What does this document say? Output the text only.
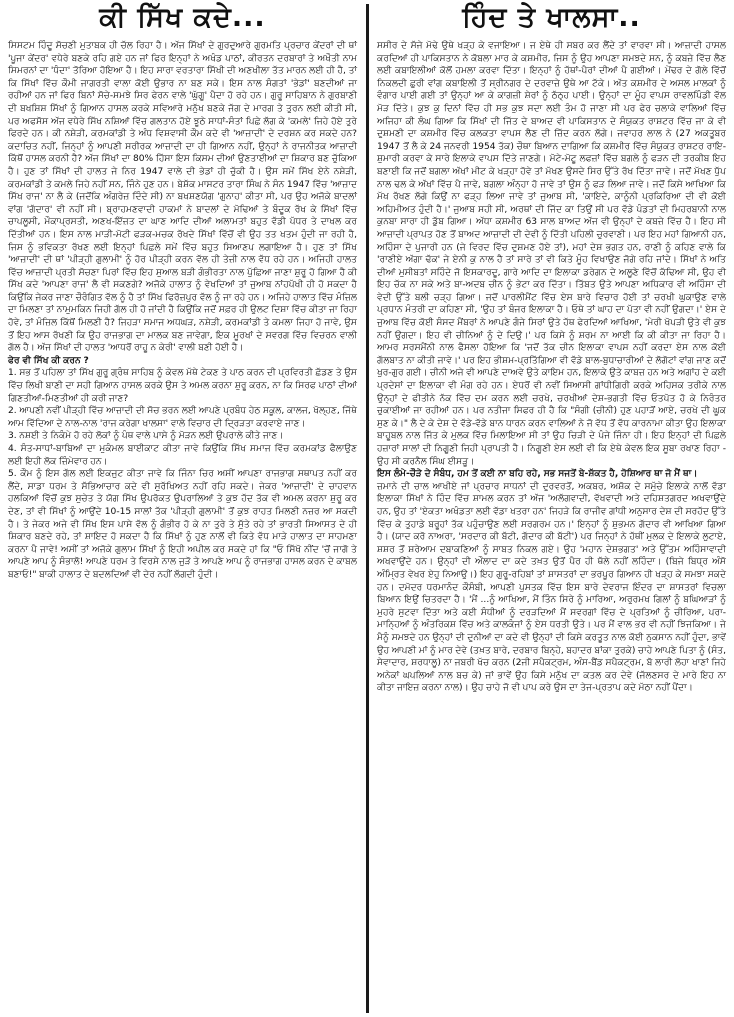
ਕੀ ਸਿੱਖ ਕਦੇ...

ਸਿਸਟਮ ਹਿੰਦੂ ਸੋਚਣੀ ਮੁਤਾਬਕ ਹੀ ਚੱਲ ਰਿਹਾ ਹੈ। ਅੱਜ ਸਿੱਖਾਂ ਦੇ ਗੁਰਦੁਆਰੇ ਗੁਰਮਤਿ ਪ੍ਰਚਾਰ ਕੇਂਦਰਾਂ ਦੀ ਥਾਂ 'ਪੂਜਾ ਕੇਂਦਰ' ਵਧੇਰੇ ਬਣਕੇ ਰਹਿ ਗਏ ਹਨ ਜਾਂ ਫਿਰ ਇਨ੍ਹਾਂ ਨੇ ਅਖੰਡ ਪਾਠਾਂ, ਕੀਰਤਨ ਦਰਬਾਰਾਂ ਤੇ ਅਖੌਤੀ ਨਾਮ ਸਿਮਰਨਾਂ ਦਾ 'ਧੰਦਾ' ਤੋਰਿਆ ਹੋਇਆ ਹੈ। ਇਹ ਸਾਰਾ ਵਰਤਾਰਾ ਸਿੱਖੀ ਦੀ ਅਣਖੀਲਾ ਤੱਤ ਮਾਰਨ ਲਈ ਹੀ ਹੈ, ਤਾਂ ਕਿ ਸਿੱਖਾਂ ਵਿੱਚ ਕੌਮੀ ਜਾਗਰਤੀ ਵਾਲਾ ਕੋਈ ਉਭਾਰ ਨਾ ਬਣ ਸਕੇ। ਇਸ ਨਾਲ ਸੰਗਤਾਂ 'ਭੇਡਾਂ' ਬਣਦੀਆਂ ਜਾ ਰਹੀਆਂ ਹਨ ਜਾਂ ਫਿਰ ਬਿਨਾਂ ਸੋਚੇ-ਸਮਝੇ ਸਿਰ ਫੇਰਨ ਵਾਲੇ 'ਘੁੱਗੂ' ਪੈਦਾ ਹੋ ਰਹੇ ਹਨ। ਗੁਰੂ ਸਾਹਿਬਾਨ ਨੇ ਗੁਰਬਾਣੀ ਦੀ ਬਖਸ਼ਿਸ਼ ਸਿੱਖਾਂ ਨੂੰ ਗਿਆਨ ਹਾਸਲ ਕਰਕੇ ਸਵਿਆਰੇ ਮਨੁੱਖ ਬਣਕੇ ਜੱਗ ਦੇ ਮਾਰਗ ਤੇ ਤੁਰਨ ਲਈ ਕੀਤੀ ਸੀ, ਪਰ ਅਫਸੋਸ ਅੱਜ ਵਧੇਰੇ ਸਿੱਖ ਨਸ਼ਿਆਂ ਵਿੱਚ ਗਲਤਾਨ ਹੋਏ ਝੂਠੇ ਸਾਧਾਂ-ਸੰਤਾਂ ਪਿਛੇ ਲੱਗ ਕੇ 'ਕਮਲੇ' ਜਿਹੇ ਹੋਏ ਤੁਰੇ ਫਿਰਦੇ ਹਨ। ਕੀ ਨਸ਼ੇੜੀ, ਕਰਮਕਾਂਡੀ ਤੇ ਅੰਧ ਵਿਸ਼ਵਾਸੀ ਕੌਮ ਕਦੇ ਵੀ 'ਆਜ਼ਾਦੀ' ਦੇ ਦਰਸ਼ਨ ਕਰ ਸਕਦੇ ਹਨ? ਕਦਾਚਿਤ ਨਹੀਂ, ਜਿਨ੍ਹਾਂ ਨੂੰ ਆਪਣੀ ਸਰੀਰਕ ਆਜ਼ਾਦੀ ਦਾ ਹੀ ਗਿਆਨ ਨਹੀਂ, ਉਨ੍ਹਾਂ ਨੇ ਰਾਜਨੀਤਕ ਆਜ਼ਾਦੀ ਕਿੱਥੋਂ ਹਾਸਲ ਕਰਨੀ ਹੈ? ਅੱਜ ਸਿੱਖਾਂ ਦਾ 80% ਹਿੱਸਾ ਇਸ ਕਿਸਮ ਦੀਆਂ ਉਣਤਾਈਆਂ ਦਾ ਸ਼ਿਕਾਰ ਬਣ ਚੁੱਕਿਆ ਹੈ। ਹੁਣ ਤਾਂ ਸਿੱਖਾਂ ਦੀ ਹਾਲਤ ਜੇ ਨਿਰ 1947 ਵਾਲੇ ਦੀ ਭੇਡਾਂ ਹੀ ਚੁੱਕੀ ਹੈ। ਉਸ ਸਮੇਂ ਸਿੱਖ ਏਨੇ ਨਸ਼ੇੜੀ, ਕਰਮਕਾਂਡੀ ਤੇ ਕਮਲੇ ਜਿਹੇ ਨਹੀਂ ਸਨ, ਜਿੰਨੇ ਹੁਣ ਹਨ। ਬੇਸ਼ੱਕ ਮਾਸਟਰ ਤਾਰਾ ਸਿੰਘ ਨੇ ਸੰਨ 1947 ਵਿੱਚ 'ਆਜ਼ਾਦ ਸਿੱਖ ਰਾਜ' ਨਾ ਲੈ ਕੇ (ਜਦੋਂਕਿ ਅੰਗਰੇਜ਼ ਦਿੰਦੇ ਸੀ) ਨਾ ਬਖਸ਼ਣਯੋਗ 'ਗੁਨਾਹ' ਕੀਤਾ ਸੀ, ਪਰ ਉਹ ਅਜੋਕੇ ਬਾਦਲਾਂ ਵਾਂਗ 'ਗੱਦਾਰ' ਵੀ ਨਹੀਂ ਸੀ। ਬ੍ਰਾਹਮਣਵਾਦੀ ਹਾਕਮਾਂ ਨੇ ਬਾਦਲਾਂ ਦੇ ਮੋਢਿਆਂ ਤੇ ਬੰਦੂਕ ਰੱਖ ਕੇ ਸਿੱਖਾਂ ਵਿੱਚ ਚਾਪਲੂਸੀ, ਮੌਕਾਪ੍ਰਸਤੀ, ਅਣਖ-ਇੱਜ਼ਤ ਦਾ ਘਾਣ ਆਦਿ ਦੀਆਂ ਅਲਾਮਤਾਂ ਬਹੁਤ ਵੱਡੀ ਪੱਧਰ ਤੇ ਦਾਖਲ ਕਰ ਦਿੱਤੀਆਂ ਹਨ। ਇਸ ਨਾਲ ਮਾੜੀ-ਮੋਟੀ ਫੜਕ-ਮਚਕ ਰੱਖਦੇ ਸਿੱਖਾਂ ਵਿੱਚੋਂ ਵੀ ਉਹ ਤਤ ਖਤਮ ਹੁੰਦੀ ਜਾ ਰਹੀ ਹੈ, ਜਿਸ ਨੂੰ ਭਵਿਕਤਾ ਰੱਖਣ ਲਈ ਇਨ੍ਹਾਂ ਪਿਛਲੇ ਸਮੇਂ ਵਿੱਚ ਬਹੁਤ ਸਿਆਣਪ ਲਗਾਇਆ ਹੈ। ਹੁਣ ਤਾਂ ਸਿੱਖ 'ਆਜ਼ਾਦੀ' ਦੀ ਥਾਂ 'ਪੀੜ੍ਹੀ ਗੁਲਾਮੀ' ਨੂੰ ਹੋਰ ਪੀੜ੍ਹੀ ਕਰਨ ਵੱਲ ਹੀ ਤੇਜ਼ੀ ਨਾਲ ਵੱਧ ਰਹੇ ਹਨ। ਅਜਿਹੀ ਹਾਲਤ ਵਿੱਚ ਆਜ਼ਾਦੀ ਪ੍ਰਤੀ ਸੋਚਣਾ ਪਿਰਾਂ ਵਿੱਚ ਇਹ ਸੁਆਲ ਬੜੀ ਗੰਭੀਰਤਾ ਨਾਲ ਪੁੱਛਿਆ ਜਾਣਾ ਸ਼ੁਰੂ ਹੋ ਗਿਆ ਹੈ ਕੀ ਸਿੱਖ ਕਦੇ 'ਆਪਣਾ ਰਾਜ' ਲੈ ਵੀ ਸਕਣਗੇ? ਅਜੋਕੇ ਹਾਲਾਤ ਨੂੰ ਵੇਖਦਿਆਂ ਤਾਂ ਜੁਆਬ ਨਾਂਹਪੱਖੀ ਹੀ ਹੋ ਸਕਦਾ ਹੈ ਕਿਉਂਕਿ ਜੇਕਰ ਜਾਣਾ ਚੌਰੰਗਿਤ ਵੱਲ ਨੂੰ ਹੈ ਤਾਂ ਸਿੱਖ ਫਿਰੋਜ਼ਪੁਰ ਵੱਲ ਨੂੰ ਜਾ ਰਹੇ ਹਨ। ਅਜਿਹੇ ਹਾਲਾਤ ਵਿੱਚ ਮੰਜ਼ਿਲ ਦਾ ਮਿਲਣਾ ਤਾਂ ਨਾਮੁਮਕਿਨ ਜਿਹੀ ਗੱਲ ਹੀ ਹੋ ਜਾਂਦੀ ਹੈ ਕਿਉਂਕਿ ਜਦੋਂ ਸਫ਼ਰ ਹੀ ਉਲਟ ਦਿਸ਼ਾ ਵਿੱਚ ਕੀਤਾ ਜਾ ਰਿਹਾ ਹੋਵੇ, ਤਾਂ ਮੰਜ਼ਿਲ ਕਿੱਥੋਂ ਮਿਲਣੀ ਹੈ? ਜਿਹੜਾ ਸਮਾਜ ਅਧਘੜ, ਨਸ਼ੇੜੀ, ਕਰਮਕਾਂਡੀ ਤੇ ਕਮਲਾ ਜਿਹਾ ਹੋ ਜਾਵੇ, ਉਸ ਤੋਂ ਇਹ ਆਸ ਰੱਖਣੀ ਕਿ ਉਹ ਰਾਜਭਾਗ ਦਾ ਮਾਲਕ ਬਣ ਜਾਵੇਗਾ, ਇਕ ਮੂਰਖਾਂ ਦੇ ਸਵਰਗ ਵਿੱਚ ਵਿਚਰਨ ਵਾਲੀ ਗੱਲ ਹੈ। ਅੱਜ ਸਿੱਖਾਂ ਦੀ ਹਾਲਤ 'ਆਧਰੋਂ ਰਾਹੂ ਨ ਕੇਰੀ' ਵਾਲੀ ਬਣੀ ਹੋਈ ਹੈ।

ਫੇਰ ਵੀ ਸਿੱਖ ਕੀ ਕਰਨ ?

1. ਸਭ ਤੋਂ ਪਹਿਲਾ ਤਾਂ ਸਿੱਖ ਗੁਰੂ ਗ੍ਰੰਥ ਸਾਹਿਬ ਨੂੰ ਕੇਵਲ ਮੱਥੇ ਟੇਕਣ ਤੇ ਪਾਠ ਕਰਨ ਦੀ ਪ੍ਰਵਿਰਤੀ ਛੱਡਣ ਤੇ ਉਸ ਵਿੱਚ ਲਿਖੀ ਬਾਣੀ ਦਾ ਸਹੀ ਗਿਆਨ ਹਾਸਲ ਕਰਕੇ ਉਸ ਤੇ ਅਮਲ ਕਰਨਾ ਸ਼ੁਰੂ ਕਰਨ, ਨਾ ਕਿ ਸਿਰਫ ਪਾਠਾਂ ਦੀਆਂ ਗਿਣਤੀਆਂ-ਮਿਣਤੀਆਂ ਹੀ ਕਰੀ ਜਾਣ?
2. ਆਪਣੀ ਨਵੀਂ ਪੀੜ੍ਹੀ ਵਿੱਚ ਆਜ਼ਾਦੀ ਦੀ ਸੋਚ ਭਰਨ ਲਈ ਆਪਣੇ ਪ੍ਰਬੰਧ ਹੇਠ ਸਕੂਲ, ਕਾਲਜ, ਖੋਲ੍ਹਣ, ਜਿੱਥੇ ਆਮ ਵਿੱਦਿਆ ਦੇ ਨਾਲ-ਨਾਲ 'ਰਾਜ ਕਰੇਗਾ ਖਾਲਸਾ' ਵਾਲੇ ਵਿਚਾਰ ਦੀ ਦ੍ਰਿੜਤਾ ਕਰਵਾਏ ਜਾਣ।
3. ਨਸ਼ਈ ਤੇ ਨਿਕੰਮੇ ਹੋ ਰਹੇ ਲੋਕਾਂ ਨੂੰ ਪੰਥ ਵਾਲੇ ਪਾਸੇ ਨੂੰ ਮੋੜਨ ਲਈ ਉਪਰਾਲੇ ਕੀਤੇ ਜਾਣ।
4. ਸੰਤ-ਸਾਧਾਂ-ਬਾਬਿਆਂ ਦਾ ਮੁਕੰਮਲ ਬਾਈਕਾਟ ਕੀਤਾ ਜਾਵੇ ਕਿਉਂਕਿ ਸਿੱਖ ਸਮਾਜ ਵਿੱਚ ਕਰਮਕਾਂਡ ਫੈਲਾਉਣ ਲਈ ਇਹੀ ਲੋਕ ਜ਼ਿੰਮੇਵਾਰ ਹਨ।
5. ਕੌਮ ਨੂੰ ਇਸ ਗੱਲ ਲਈ ਇਕਜੁਟ ਕੀਤਾ ਜਾਵੇ ਕਿ ਜਿੰਨਾ ਚਿਰ ਅਸੀਂ ਆਪਣਾ ਰਾਜਭਾਗ ਸਥਾਪਤ ਨਹੀਂ ਕਰ ਲੈਂਦੇ, ਸਾਡਾ ਧਰਮ ਤੇ ਸੱਭਿਆਚਾਰ ਕਦੇ ਵੀ ਸੁਰੱਖਿਅਤ ਨਹੀਂ ਰਹਿ ਸਕਦੇ। ਜੇਕਰ 'ਆਜ਼ਾਦੀ' ਦੇ ਚਾਹਵਾਨ ਹਲਕਿਆਂ ਵਿੱਚੋਂ ਕੁਝ ਸੁਚੇਤ ਤੇ ਯੋਗ ਸਿੱਖ ਉਪਰੋਕਤ ਉਪਰਾਲਿਆਂ ਤੇ ਕੁਝ ਹੱਦ ਤੱਕ ਵੀ ਅਮਲ ਕਰਨਾ ਸ਼ੁਰੂ ਕਰ ਦੇਣ, ਤਾਂ ਵੀ ਸਿੱਖਾਂ ਨੂੰ ਆਉਂਦੇ 10-15 ਸਾਲਾਂ ਤੱਕ 'ਪੀੜ੍ਹੀ ਗੁਲਾਮੀ' ਤੋਂ ਕੁਝ ਰਾਹਤ ਮਿਲਣੀ ਨਜ਼ਰ ਆ ਸਕਦੀ ਹੈ। ਤੇ ਜੇਕਰ ਅਜੇ ਵੀ ਸਿੱਖ ਇਸ ਪਾਸੇ ਵੱਲ ਨੂੰ ਗੰਭੀਰ ਹੋ ਕੇ ਨਾ ਤੁਰੇ ਤੇ ਸੁੱਤੇ ਰਹੇ ਤਾਂ ਭਾਰਤੀ ਸਿਆਸਤ ਦੇ ਹੀ ਸ਼ਿਕਾਰ ਬਣਦੇ ਰਹੇ, ਤਾਂ ਸ਼ਾਇਦ ਹੋ ਸਕਦਾ ਹੈ ਕਿ ਸਿੱਖਾਂ ਨੂੰ ਹੁਣ ਨਾਲੋਂ ਵੀ ਕਿਤੇ ਵੱਧ ਮਾੜੇ ਹਾਲਾਤ ਦਾ ਸਾਹਮਣਾ ਕਰਨਾ ਪੈ ਜਾਵੇ! ਅਸੀਂ ਤਾਂ ਅਜੋਕੇ ਗੁਲਾਮ ਸਿੱਖਾਂ ਨੂੰ ਇਹੀ ਅਪੀਲ ਕਰ ਸਕਦੇ ਹਾਂ ਕਿ "ਓ ਸਿੱਖੋ ਨੀਂਦ 'ਚੋਂ ਜਾਗੋ ਤੇ ਆਪਣੇ ਆਪ ਨੂੰ ਸੰਭਾਲੋ! ਆਪਣੇ ਧਰਮ ਤੇ ਵਿਰਸੇ ਨਾਲ ਜੁੜੋ ਤੇ ਆਪਣੇ ਆਪ ਨੂੰ ਰਾਜਭਾਗ ਹਾਸਲ ਕਰਨ ਦੇ ਕਾਬਲ ਬਣਾਓ!" ਬਾਕੀ ਹਾਲਾਤ ਦੇ ਬਦਲਦਿਆਂ ਵੀ ਦੇਰ ਨਹੀਂ ਲੱਗਦੀ ਹੁੰਦੀ।
ਹਿੰਦ ਤੇ ਖਾਲਸਾ..

ਸਸੀਰ ਦੇ ਸੱਜੇ ਮੋਢੇ ਉਥੇ ਖੜ੍ਹ ਕੇ ਵਜਾਇਆ। ਜ ਏਥੇ ਹੀ ਸਬਰ ਕਰ ਲੈਂਦੇ ਤਾਂ ਵਾਰਵਾ ਸੀ। ਆਜ਼ਾਦੀ ਹਾਸਲ ਕਰਦਿਆਂ ਹੀ ਪਾਕਿਸਤਾਨ ਨੇ ਕੋਬਲਾ ਮਾਰ ਕੇ ਕਸ਼ਮੀਰ, ਜਿਸ ਨੂੰ ਉਹ ਆਪਣਾ ਸਮਝਦੇ ਸਨ, ਨੂੰ ਕਬਜ਼ੇ ਵਿੱਚ ਲੈਣ ਲਈ ਕਬਾਇਲੀਆਂ ਕੋਲੋਂ ਹਮਲਾ ਕਰਵਾ ਦਿੱਤਾ। ਇਨ੍ਹਾਂ ਨੂੰ ਹੱਥਾਂ-ਪੈਰਾਂ ਦੀਆਂ ਪੈ ਗਈਆਂ। ਮੇਂਢਰ ਦੇ ਗੋਲੇ ਵਿੱਚੋਂ ਨਿਕਲਦੀ ਛੁਰੀ ਵਾਂਗ ਕਬਾਇਲੀ ਤੋਂ ਸ੍ਰੀਨਗਰ ਦੇ ਦਰਵਾਜ਼ੇ ਉਥੇ ਆ ਟੱਕੇ। ਅੱਤ ਕਸ਼ਮੀਰ ਦੇ ਅਸਲ ਮਾਲਕਾਂ ਨੂੰ ਵੰਗਾਰ ਪਾਈ ਗਈ ਤਾਂ ਉਨ੍ਹਾਂ ਆ ਕੇ ਕਾਗਜ਼ੀ ਸ਼ੇਰਾਂ ਨੂੰ ਠੱਠ੍ਹ ਪਾਈ। ਉਨ੍ਹਾਂ ਦਾ ਮੂੰਹ ਵਾਪਸ ਰਾਵਲਪਿੰਡੀ ਵੱਲ ਮੋੜ ਦਿੱਤੇ। ਕੁਝ ਕੁ ਦਿਨਾਂ ਵਿੱਚ ਹੀ ਸਭ ਕੁਝ ਸਦਾ ਲਈ ਤੰਮ ਹੋ ਜਾਣਾ ਸੀ ਪਰ ਫੇਰ ਚਲਾਕੇ ਵਾਲਿਆਂ ਵਿੱਚ ਅਜਿਹਾ ਕੀ ਲੰਘ ਗਿਆ ਕਿ ਸਿੱਖਾਂ ਦੀ ਜਿੱਤ ਦੇ ਬਾਅਦ ਵੀ ਪਾਕਿਸਤਾਨ ਦੇ ਸੰਯੁਕਤ ਰਾਸ਼ਟਰ ਵਿੱਚ ਜਾ ਕੇ ਵੀ ਦੁਸ਼ਮਣੀ ਦਾ ਕਸ਼ਮੀਰ ਵਿੱਚ ਕਲਕਤਾ ਵਾਪਸ ਲੈਣ ਦੀ ਜ਼ਿੱਦ ਕਰਨ ਲੱਗੇ। ਜਵਾਹਰ ਲਾਲ ਨੇ (27 ਅਕਤੂਬਰ 1947 ਤੋਂ ਲੈ ਕੇ 24 ਜਨਵਰੀ 1954 ਤੱਕ) ਚੌਥਾ ਬਿਆਨ ਦਾਗਿਆ ਕਿ ਕਸ਼ਮੀਰ ਵਿੱਚ ਸੰਯੁਕਤ ਰਾਸ਼ਟਰ ਰਾਇ-ਸ਼ੁਮਾਰੀ ਕਰਵਾ ਕੇ ਸਾਰੇ ਇਲਾਕੇ ਵਾਪਸ ਦਿੱਤੇ ਜਾਣਗੇ। ਮੋਟੇ-ਮੋਟੂ ਲਫਜ਼ਾਂ ਵਿੱਚ ਬਗਲੇ ਨੂੰ ਫੜਨ ਦੀ ਤਰਕੀਬ ਇਹ ਬਣਾਈ ਕਿ ਜਦੋਂ ਬਗਲਾ ਅੱਖਾਂ ਮੀਟ ਕੇ ਖੜ੍ਹਾ ਹੋਵੇ ਤਾਂ ਮੱਖਣ ਉਸਦੇ ਸਿਰ ਉੱਤੇ ਰੱਖ ਦਿੱਤਾ ਜਾਵੇ। ਜਦੋਂ ਮੱਖਣ ਧੁੱਪ ਨਾਲ ਢਲ ਕੇ ਅੱਖਾਂ ਵਿੱਚ ਪੈ ਜਾਵੇ, ਬਗਲਾ ਅੰਨ੍ਹਾ ਹੋ ਜਾਵੇ ਤਾਂ ਉਸ ਨੂੰ ਫੜ ਲਿਆ ਜਾਵੇ। ਜਦੋਂ ਕਿਸੇ ਆਖਿਆ ਕਿ ਮੱਖ ਰੱਖਣ ਲੱਗੇ ਕਿਉਂ ਨਾ ਫੜ੍ਹ ਲਿਆ ਜਾਵੇ ਤਾਂ ਜੁਆਬ ਸੀ, 'ਕਾਇਦੇ, ਕਾਨੂੰਨੀ ਪ੍ਰਕਿਰਿਆ ਦੀ ਵੀ ਕੋਈ ਅਹਿਮੀਅਤ ਹੁੰਦੀ ਹੈ।' ਜੁਆਬ ਸਹੀ ਸੀ, ਅਰਥਾਂ ਦੀ ਜਿੱਦ ਕਾ ਤਿਉਂ ਸੀ ਪਰ ਵੱਡੇ ਪੰਡਤਾਂ ਦੀ ਮਿਹਰਬਾਨੀ ਨਾਲ ਕੁਨਬਾ ਸਾਰਾ ਹੀ ਡੁੱਬ ਗਿਆ। ਅੱਧਾ ਕਸ਼ਮੀਰ 63 ਸਾਲ ਬਾਅਦ ਅੱਜ ਵੀ ਉਨ੍ਹਾਂ ਦੇ ਕਬਜ਼ੇ ਵਿੱਚ ਹੈ। ਇਹ ਸੀ ਆਜ਼ਾਦੀ ਪ੍ਰਾਪਤ ਹੋਣ ਤੋਂ ਬਾਅਦ ਆਜ਼ਾਦੀ ਦੀ ਦੇਵੀ ਨੂੰ ਦਿੱਤੀ ਪਹਿਲੀ ਚੁਰਵਾਣੀ। ਪਰ ਇਹ ਮਹਾਂ ਗਿਆਨੀ ਹਨ, ਅਹਿੰਸਾ ਦੇ ਪੁਜਾਰੀ ਹਨ (ਜੇ ਵਿਰਦ ਵਿੱਚ ਦੁਸ਼ਮਣ ਹੋਏ ਤਾਂ), ਮਹਾਂ ਦੇਸ਼ ਭਗਤ ਹਨ, ਰਾਣੀ ਨੂੰ ਕਹਿਣ ਵਾਲੇ ਕਿ 'ਰਾਣੀਏ ਅੱਗਾ ਢੱਕ' ਜੇ ਏਨੀ ਕੁ ਨਾਲ ਹੈ ਤਾਂ ਸਾਰੇ ਤਾਂ ਵੀ ਕਿਤੇ ਮੂੰਹ ਵਿਖਾਉਣ ਜੋਗੇ ਰਹਿ ਜਾਂਦੇ। ਸਿੱਖਾਂ ਨੇ ਅਤਿ ਦੀਆਂ ਮੁਸੀਬਤਾਂ ਸਹਿੰਦੇ ਜੋ ਇਸਕਾਰਦੂ, ਗਾਰੇ ਆਦਿ ਦਾ ਇਲਾਕਾ ਡਰੇਗਨ ਦੇ ਅਲੂਣੇ ਵਿੱਚੋਂ ਕੱਢਿਆ ਸੀ, ਉਹ ਵੀ ਇਹ ਚੱਕ ਨਾ ਸਕੇ ਅਤੇ ਬਾ-ਅਦਬ ਚੀਨ ਨੂੰ ਭੇਟਾ ਕਰ ਦਿੱਤਾ। ਤਿੱਬਤ ਉਤੇ ਆਪਣਾ ਅਧਿਕਾਰ ਵੀ ਅਹਿੰਸਾ ਦੀ ਵੇਦੀ ਉੱਤੇ ਬਲੀ ਚੜ੍ਹ ਗਿਆ। ਜਦੋਂ ਪਾਰਲੀਮੈਂਟ ਵਿੱਚ ਏਸ ਬਾਰੇ ਵਿਚਾਰ ਹੋਈ ਤਾਂ ਚਰਖੀ ਘੁਕਾਉਣ ਵਾਲੇ ਪ੍ਰਧਾਨ ਮੰਤਰੀ ਦਾ ਕਹਿਣਾ ਸੀ, 'ਉਹ ਤਾਂ ਬੰਜਰ ਇਲਾਕਾ ਹੈ। ਓਥੇ ਤਾਂ ਘਾਹ ਦਾ ਪੱਤਾ ਵੀ ਨਹੀਂ ਉਗਦਾ।' ਏਸ ਦੇ ਜੁਆਬ ਵਿੱਚ ਕੋਈ ਸੰਸਦ ਮੈਂਬਰਾਂ ਨੇ ਆਪਣੇ ਗੰਜੇ ਸਿਰਾਂ ਉਤੇ ਹੱਥ ਫੇਰਦਿਆਂ ਆਖਿਆ, 'ਮੇਰੀ ਖੋਪੜੀ ਉਤੇ ਵੀ ਕੁਝ ਨਹੀਂ ਉਗਦਾ। ਇਹ ਵੀ ਚੀਨਿਆਂ ਨੂੰ ਦੇ ਦਿਉ।' ਪਰ ਕਿਸੇ ਨੂੰ ਸ਼ਰਮ ਨਾ ਆਈ ਕਿ ਕੀ ਕੀਤਾ ਜਾ ਰਿਹਾ ਹੈ। ਆਮਰ ਸਰਸਮੈਂਨੀ ਨਾਲ ਫੈਸਲਾ ਹੋਇਆ ਕਿ 'ਜਦੋਂ ਤੱਕ ਚੀਨ ਇਲਾਕਾ ਵਾਪਸ ਨਹੀਂ ਕਰਦਾ ਏਸ ਨਾਲ ਕੋਈ ਗੱਲਬਾਤ ਨਾ ਕੀਤੀ ਜਾਵੇ।' ਪਰ ਇਹ ਭੀਸ਼ਮ-ਪ੍ਰਤਿੱਗਿਆ ਵੀ ਵੱਡੇ ਬਾਲ-ਬੁਧਾਚਾਰੀਆਂ ਦੇ ਲੋਗੋਟਾਂ ਵਾਂਗ ਜਾਣ ਕਦੋਂ ਖੁਰ-ਗੁਰ ਗਈ। ਚੀਨੀ ਅਜੇ ਵੀ ਆਪਣੇ ਦਾਅਵੇ ਉਤੇ ਕਾਇਮ ਹਨ, ਇਲਾਕੇ ਉਤੇ ਕਾਬਜ਼ ਹਨ ਅਤੇ ਅਗਾਂਹ ਦੇ ਕਈ ਪ੍ਰਦੇਸਾਂ ਦਾ ਇਲਾਕਾ ਵੀ ਮੰਗ ਰਹੇ ਹਨ। ਏਧਰੋਂ ਵੀ ਨਵੀਂ ਸਿਆਸੀ ਗਾਂਧੀਗਿਰੀ ਕਰਕੇ ਅਹਿਸਕ ਤਰੀਕੇ ਨਾਲ ਉਨ੍ਹਾਂ ਦੇ ਫੀਤੀਨੇ ਨੱਕ ਵਿੱਚ ਦਮ ਕਰਨ ਲਈ ਚਰਖੇ, ਚਰਖੀਆਂ ਦੇਸ਼-ਭਗਤੀ ਵਿੱਚ ਓਤਪੋਤ ਹੋ ਕੇ ਨਿਰੰਤਰ ਚੁਕਾਈਆਂ ਜਾ ਰਹੀਆਂ ਹਨ। ਪਰ ਨਤੀਜਾ ਸਿਫਰ ਹੀ ਹੈ ਕਿ "ਸੰਗੀ (ਚੀਨੀ) ਹੁਣ ਪਹਾੜੋਂ ਆਏ, ਚਰਖੇ ਦੀ ਘੂਕ ਸੁਣ ਕੇ।" ਲੈ ਦੇ ਕੇ ਦੇਸ਼ ਦੇ ਵੱਡੇ-ਵੱਡੇ ਬਾਨ ਧਾਰਨ ਕਰਨ ਵਾਲਿਆਂ ਨੇ ਜੋ ਵੱਧ ਤੋਂ ਵੱਧ ਕਾਰਨਾਮਾ ਕੀਤਾ ਉਹ ਇਲਾਕਾ ਬਾਹੂਬਲ ਨਾਲ ਜਿੱਤ ਕੇ ਮੁਲਕ ਵਿੱਚ ਮਿਲਾਇਆ ਸੀ ਤਾਂ ਉਹ ਚਿੜੀ ਦੇ ਪੰਜੇ ਜਿੰਨਾ ਹੀ। ਇਹ ਇਨ੍ਹਾਂ ਦੀ ਪਿਛਲੇ ਹਜ਼ਾਰਾਂ ਸਾਲਾਂ ਦੀ ਨਿਗੂਣੀ ਜਿਹੀ ਪ੍ਰਾਪਤੀ ਹੈ। ਨਿਗੂਣੀ ਏਸ ਲਈ ਵੀ ਕਿ ਏਥੇ ਕੇਵਲ ਇਕ ਸੂਬਾ ਰਖਾਣ ਰਿਹਾ - ਉਹ ਸੀ ਕਰਨੈਲ ਸਿੰਘ ਈਸੜੂ।

ਇਸ ਲੰਮੇ-ਚੌੜੇ ਦੇ ਸੰਬੰਧ, ਹਮ ਤੋਂ ਕਈ ਨਾ ਬਹਿ ਰਹੇ, ਸਭ ਸਜਤੋਂ ਬੇ-ਸ਼ੱਕਤ ਹੈ, ਹੋਸ਼ਿਆਰ ਥਾ ਜੋ ਮੈਂ ਥਾ।

ਜ਼ਮਾਨੇ ਦੀ ਚਾਲ ਆਖੀਏ ਜਾਂ ਪ੍ਰਚਾਰ ਸਾਧਨਾਂ ਦੀ ਦੁਰਵਰਤੋਂ, ਅਕਬਰ, ਅਸ਼ੋਕ ਦੇ ਸਮੁੱਚੇ ਇਲਾਕੇ ਨਾਲੋਂ ਵੱਡਾ ਇਲਾਕਾ ਸਿੱਖਾਂ ਨੇ ਹਿੰਦ ਵਿੱਚ ਸ਼ਾਮਲ ਕਰਨ ਤਾਂ ਅੱਜ 'ਅਲੱਗਵਾਦੀ, ਵੱਖਵਾਦੀ ਅਤੇ ਦਹਿਸ਼ਤਗਰਦ ਅਖਵਾਉਂਦੇ ਹਨ, ਉਹ ਤਾਂ 'ਏਕਤਾ ਅਖੰਡਤਾ ਲਈ ਵੱਡਾ ਖਤਰਾ ਹਨ' ਜਿਹੜੇ ਕਿ ਰਾਜੀਵ ਗਾਂਧੀ ਅਨੁਸਾਰ ਦੇਸ਼ ਦੀ ਸਰਹੱਦ ਉੱਤੇ ਵਿੱਚ ਕੇ ਤੁਹਾਡੇ ਬਰੂਹਾਂ ਤੱਕ ਪਹੁੰਚਾਉਣ ਲਈ ਸਰਗਰਮ ਹਨ।' ਇਨ੍ਹਾਂ ਨੂੰ ਸ਼ੁਭਮਨ ਗੱਦਾਰ ਵੀ ਆਖਿਆ ਗਿਆ ਹੈ। (ਯਾਦ ਕਰੋ ਨਾਅਰਾ, 'ਸਰਦਾਰ ਕੀ ਬੱਟੀ, ਗੱਦਾਰ ਕੀ ਬੱਟੀ') ਪਰ ਜਿਨ੍ਹਾਂ ਨੇ ਹੱਥੀਂ ਮੁਲਕ ਦੇ ਇਲਾਕੇ ਲੁਟਾਏ, ਸ਼ਸ਼ਰ ਤੋਂ ਸ਼ਰੇਆਮ ਦਬਾਕਣਿਆਂ ਨੂੰ ਸਾਬਤ ਨਿਕਲ ਗਏ। ਉਹ 'ਮਹਾਨ ਦੇਸ਼ਭਗਤ' ਅਤੇ ਉੱਤਮ ਅਹਿੰਸਾਵਾਦੀ ਅਖਵਾਉਂਦੇ ਹਨ। ਉਨ੍ਹਾਂ ਦੀ ਔਲਾਦ ਦਾ ਕਦੇ ਤਖ਼ਤ ਉਤੋਂ ਪੈਰ ਹੀ ਥੱਲੇ ਨਹੀਂ ਲਹਿੰਦਾ। (ਬਿਜੇ ਬਿਧ੍ਰ ਅੰਸੋ ਅੰਮ੍ਰਿਤ ਵੇਖਰ ਏਹੁ ਨਿਆਉ।) ਇਹ ਗੁਰੂ-ਰਹਿਬਾਂ ਤਾਂ ਸ਼ਾਸਤਰਾਂ ਦਾ ਭਰਪੂਰ ਗਿਆਨ ਹੀ ਖੜ੍ਹ ਕੇ ਸਮਝਾ ਸਕਦੇ ਹਨ। ਦਮੋਦਰ ਧਰਮਾਨੰਦ ਕੌਸੰਬੀ, ਆਪਣੀ ਪੁਸਤਕ ਵਿੱਚ ਇਸ ਬਾਰੇ ਦੇਵਰਾਜ ਇੰਦਰ ਦਾ ਸ਼ਾਸਤਰਾਂ ਵਿਚਲਾ ਬਿਆਨ ਇਉਂ ਚਿਤਰਦਾ ਹੈ। 'ਮੈਂ ...ਨੂੰ ਆਖਿਆ, ਮੈਂ ਤਿੰਨ ਸਿਰੇ ਨੂੰ ਮਾਰਿਆ, ਅਰੁਰਮਖ ਗਿਲਾਂ ਨੂੰ ਬਘਿਆੜਾਂ ਨੂੰ ਮੁਹਰੇ ਸੁਟਵਾ ਦਿੱਤਾ ਅਤੇ ਕਈ ਸੰਧੀਆਂ ਨੂੰ ਦਰੜਦਿਆਂ ਮੈਂ ਸਵਰਗਾਂ ਵਿੱਚ ਦੇ ਪ੍ਰਤਿਆਂ ਨੂੰ ਚੀਰਿਆ, ਪਰਾ-ਮਾਨ੍ਹਿਆਂ ਨੂੰ ਅੰਤਰਿਕਸ਼ ਵਿੱਚ ਅਤੇ ਕਾਲਕੰਜਾਂ ਨੂੰ ਏਸ ਧਰਤੀ ਉਤੇ। ਪਰ ਮੈਂ ਵਾਲ ਭਰ ਵੀ ਨਹੀਂ ਝਿਜਕਿਆ। ਜੇ ਮੈਨੂੰ ਸਮਝਦੇ ਹਨ ਉਨ੍ਹਾਂ ਦੀ ਦੁਨੀਆਂ ਦਾ ਕਦੇ ਵੀ ਉਨ੍ਹਾਂ ਦੀ ਕਿਸੇ ਕਰਤੂਤ ਨਾਲ ਕੋਈ ਨੁਕਸਾਨ ਨਹੀਂ ਹੁੰਦਾ, ਭਾਵੇਂ ਉਹ ਆਪਣੀ ਮਾਂ ਨੂੰ ਮਾਰ ਦੇਵੇ (ਤਖ਼ਤ ਬਾਰੇ, ਦਰਬਾਰ ਬਿਨ੍ਹੇ, ਬਹਾਦਰ ਬਾਂਕਾ ਤੁਰਕੇ) ਚਾਹੇ ਆਪਣੇ ਪਿਤਾ ਨੂੰ (ਸੰਤ, ਸੇਵਾਦਾਰ, ਸ਼ਰਧਾਲੂ) ਨਾ ਜਬਰੀ ਖੱਚ ਕਰਨ (2ਜੀ ਸਪੈਕਟ੍ਰਮ, ਅੰਸ-ਬੈਂਡ ਸਪੈਕਟ੍ਰਮ, ਬੋ ਲਾਰੀ ਲੋਹਾ ਖਾਣਾਂ ਜਿਹੇ ਅਨੇਕਾਂ ਘਪਲਿਆਂ ਨਾਲ ਬਚ ਕੇ) ਜਾਂ ਭਾਵੇਂ ਉਹ ਕਿਸੇ ਮਨੁੱਖ ਦਾ ਕਤਲ ਕਰ ਦੇਵੇ (ਜੱਲਣਸਰ ਦੇ ਮਾਰੇ ਇਹ ਨਾ ਕੀਤਾ ਜਾਇਜ਼ ਕਰਨਾ ਨਾਲ)। ਉਹ ਚਾਹੇ ਜੋ ਵੀ ਪਾਪ ਕਰੇ ਉਸ ਦਾ ਤੇਜ-ਪ੍ਰਤਾਪ ਕਦੇ ਮੱਠਾ ਨਹੀਂ ਪੈਂਦਾ।
